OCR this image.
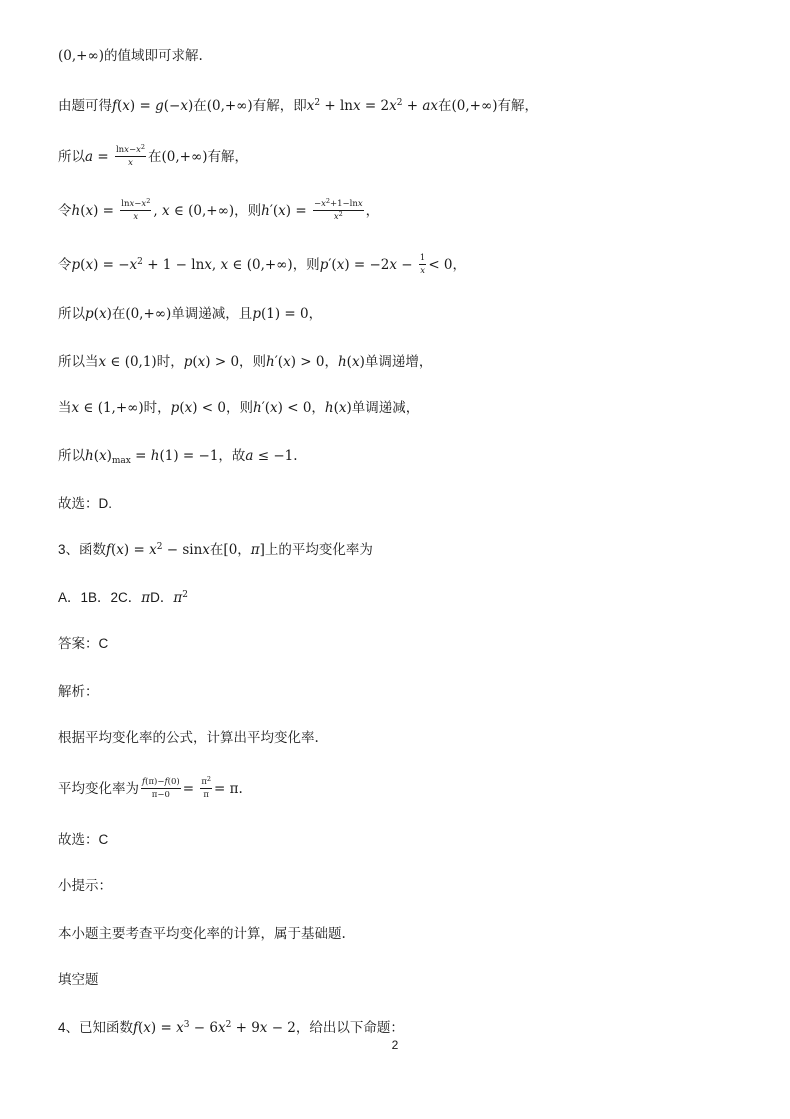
(0,+∞)的值域即可求解.
由题可得f(x) = g(−x)在(0,+∞)有解，即$x^2 + \ln x = 2x^2$ + ax在(0,+∞)有解，
所以$a = \frac{\ln x-x^2}{x}$ 在(0,+∞)有解，
令$h(x) = \frac{\ln x-x^2}{x}$ , x ∈ (0,+∞)，则$h'(x) = \frac{-x^2+1-\ln x}{x^2}$ ，
令$p(x) = -x^2 + 1 - \ln x$, x ∈ (0,+∞)，则$p'(x) = -2x - \frac{1}{x} < 0$，
所以p(x)在(0,+∞)单调递减，且p(1) = 0，
所以当x ∈ (0,1)时，p(x) > 0，则h′(x) > 0，h(x)单调递增，
当x ∈ (1,+∞)时，p(x) < 0，则h′(x) < 0，h(x)单调递减，
所以$h(x)_{max} = h(1) = -1$，故a ≤ −1.
故选：D.
3、函数$f(x) = x^2 - \sin x$在[0，π]上的平均变化率为
A．1B．2C．πD．$\pi^2$
答案：C
解析：
根据平均变化率的公式，计算出平均变化率.
平均变化率为 $\frac{f(\pi)-f(0)}{\pi-0} = \frac{\pi^2}{\pi} = \pi$.
故选：C
小提示：
本小题主要考查平均变化率的计算，属于基础题.
填空题
4、已知函数$f(x) = x^3 - 6x^2 + 9x - 2$，给出以下命题：
2
